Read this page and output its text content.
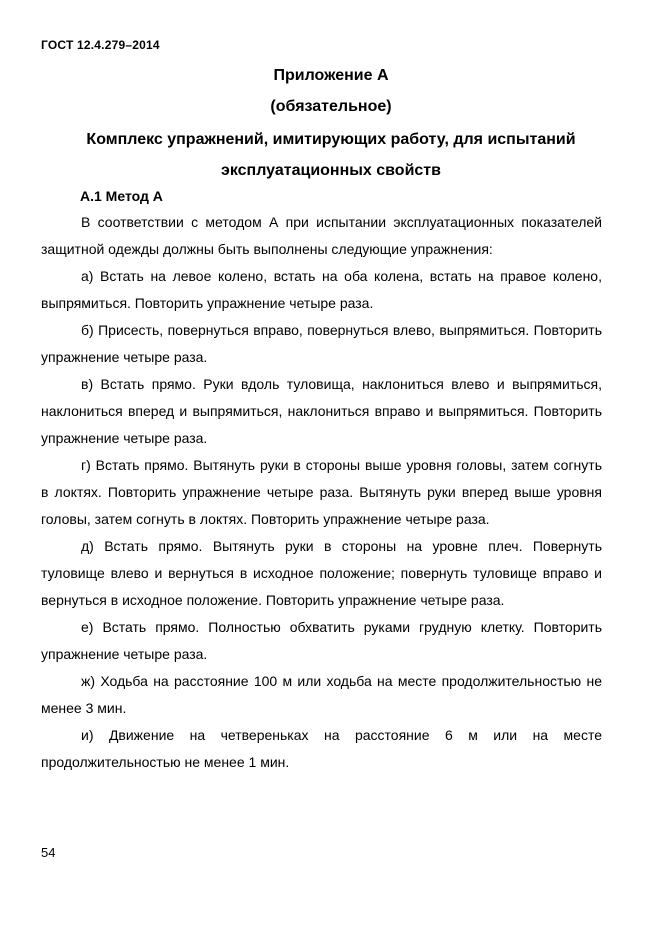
ГОСТ 12.4.279–2014
Приложение А
(обязательное)
Комплекс упражнений, имитирующих работу, для испытаний эксплуатационных свойств
А.1 Метод А

В соответствии с методом А при испытании эксплуатационных показателей защитной одежды должны быть выполнены следующие упражнения:

а) Встать на левое колено, встать на оба колена, встать на правое колено, выпрямиться. Повторить упражнение четыре раза.

б) Присесть, повернуться вправо, повернуться влево, выпрямиться. Повторить упражнение четыре раза.

в) Встать прямо. Руки вдоль туловища, наклониться влево и выпрямиться, наклониться вперед и выпрямиться, наклониться вправо и выпрямиться. Повторить упражнение четыре раза.

г) Встать прямо. Вытянуть руки в стороны выше уровня головы, затем согнуть в локтях. Повторить упражнение четыре раза. Вытянуть руки вперед выше уровня головы, затем согнуть в локтях. Повторить упражнение четыре раза.

д) Встать прямо. Вытянуть руки в стороны на уровне плеч. Повернуть туловище влево и вернуться в исходное положение; повернуть туловище вправо и вернуться в исходное положение. Повторить упражнение четыре раза.

е) Встать прямо. Полностью обхватить руками грудную клетку. Повторить упражнение четыре раза.

ж) Ходьба на расстояние 100 м или ходьба на месте продолжительностью не менее 3 мин.

и) Движение на четвереньках на расстояние 6 м или на месте продолжительностью не менее 1 мин.

54
